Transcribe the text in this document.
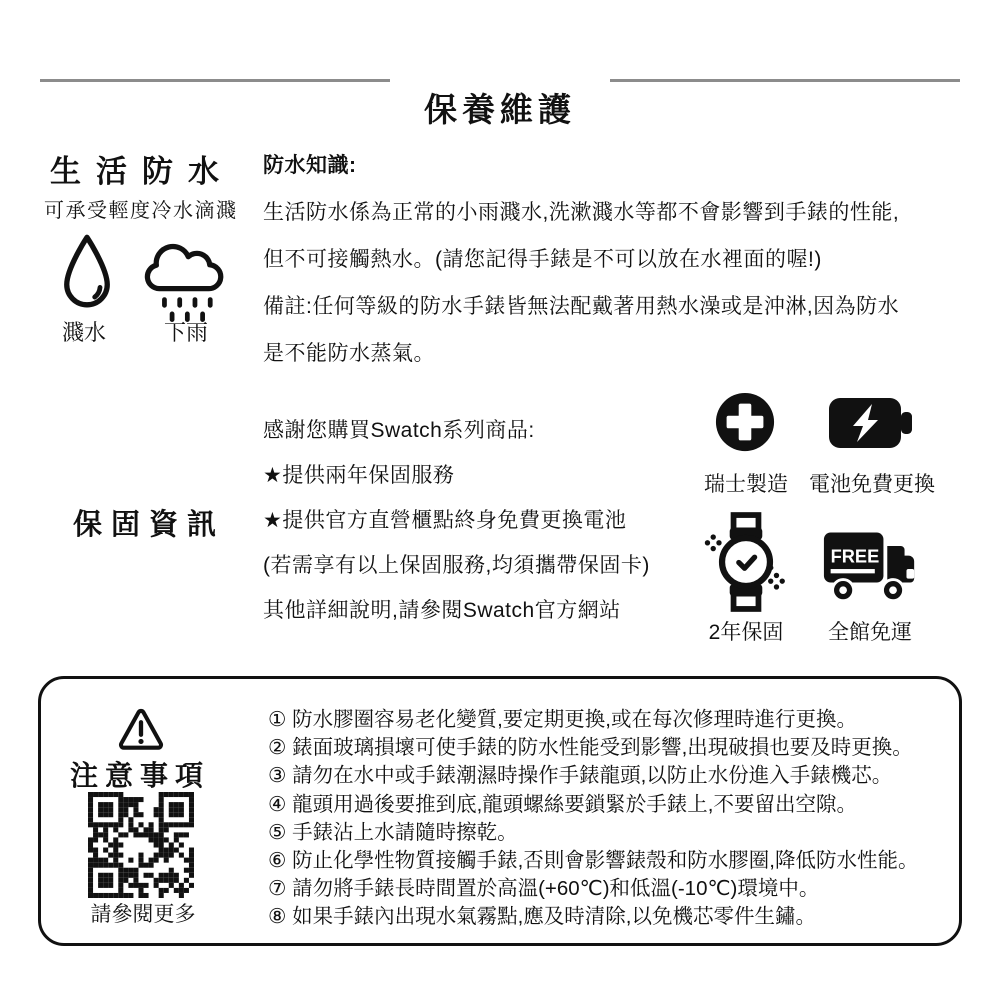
保養維護
生活防水
可承受輕度冷水滴濺
濺水	下雨
防水知識:
生活防水係為正常的小雨濺水,洗漱濺水等都不會影響到手錶的性能,
但不可接觸熱水。(請您記得手錶是不可以放在水裡面的喔!)
備註:任何等級的防水手錶皆無法配戴著用熱水澡或是沖淋,因為防水
是不能防水蒸氣。
保固資訊
感謝您購買Swatch系列商品:
★提供兩年保固服務
★提供官方直營櫃點終身免費更換電池
(若需享有以上保固服務,均須攜帶保固卡)
其他詳細說明,請參閱Swatch官方網站
瑞士製造 電池免費更換
FREE
2年保固	全館免運
注意事項
請參閱更多
① 防水膠圈容易老化變質,要定期更換,或在每次修理時進行更換。
② 錶面玻璃損壞可使手錶的防水性能受到影響,出現破損也要及時更換。
③ 請勿在水中或手錶潮濕時操作手錶龍頭,以防止水份進入手錶機芯。
④ 龍頭用過後要推到底,龍頭螺絲要鎖緊於手錶上,不要留出空隙。
⑤ 手錶沾上水請隨時擦乾。
⑥ 防止化學性物質接觸手錶,否則會影響錶殼和防水膠圈,降低防水性能。
⑦ 請勿將手錶長時間置於高溫(+60℃)和低溫(-10℃)環境中。
⑧ 如果手錶內出現水氣霧點,應及時清除,以免機芯零件生鏽。
